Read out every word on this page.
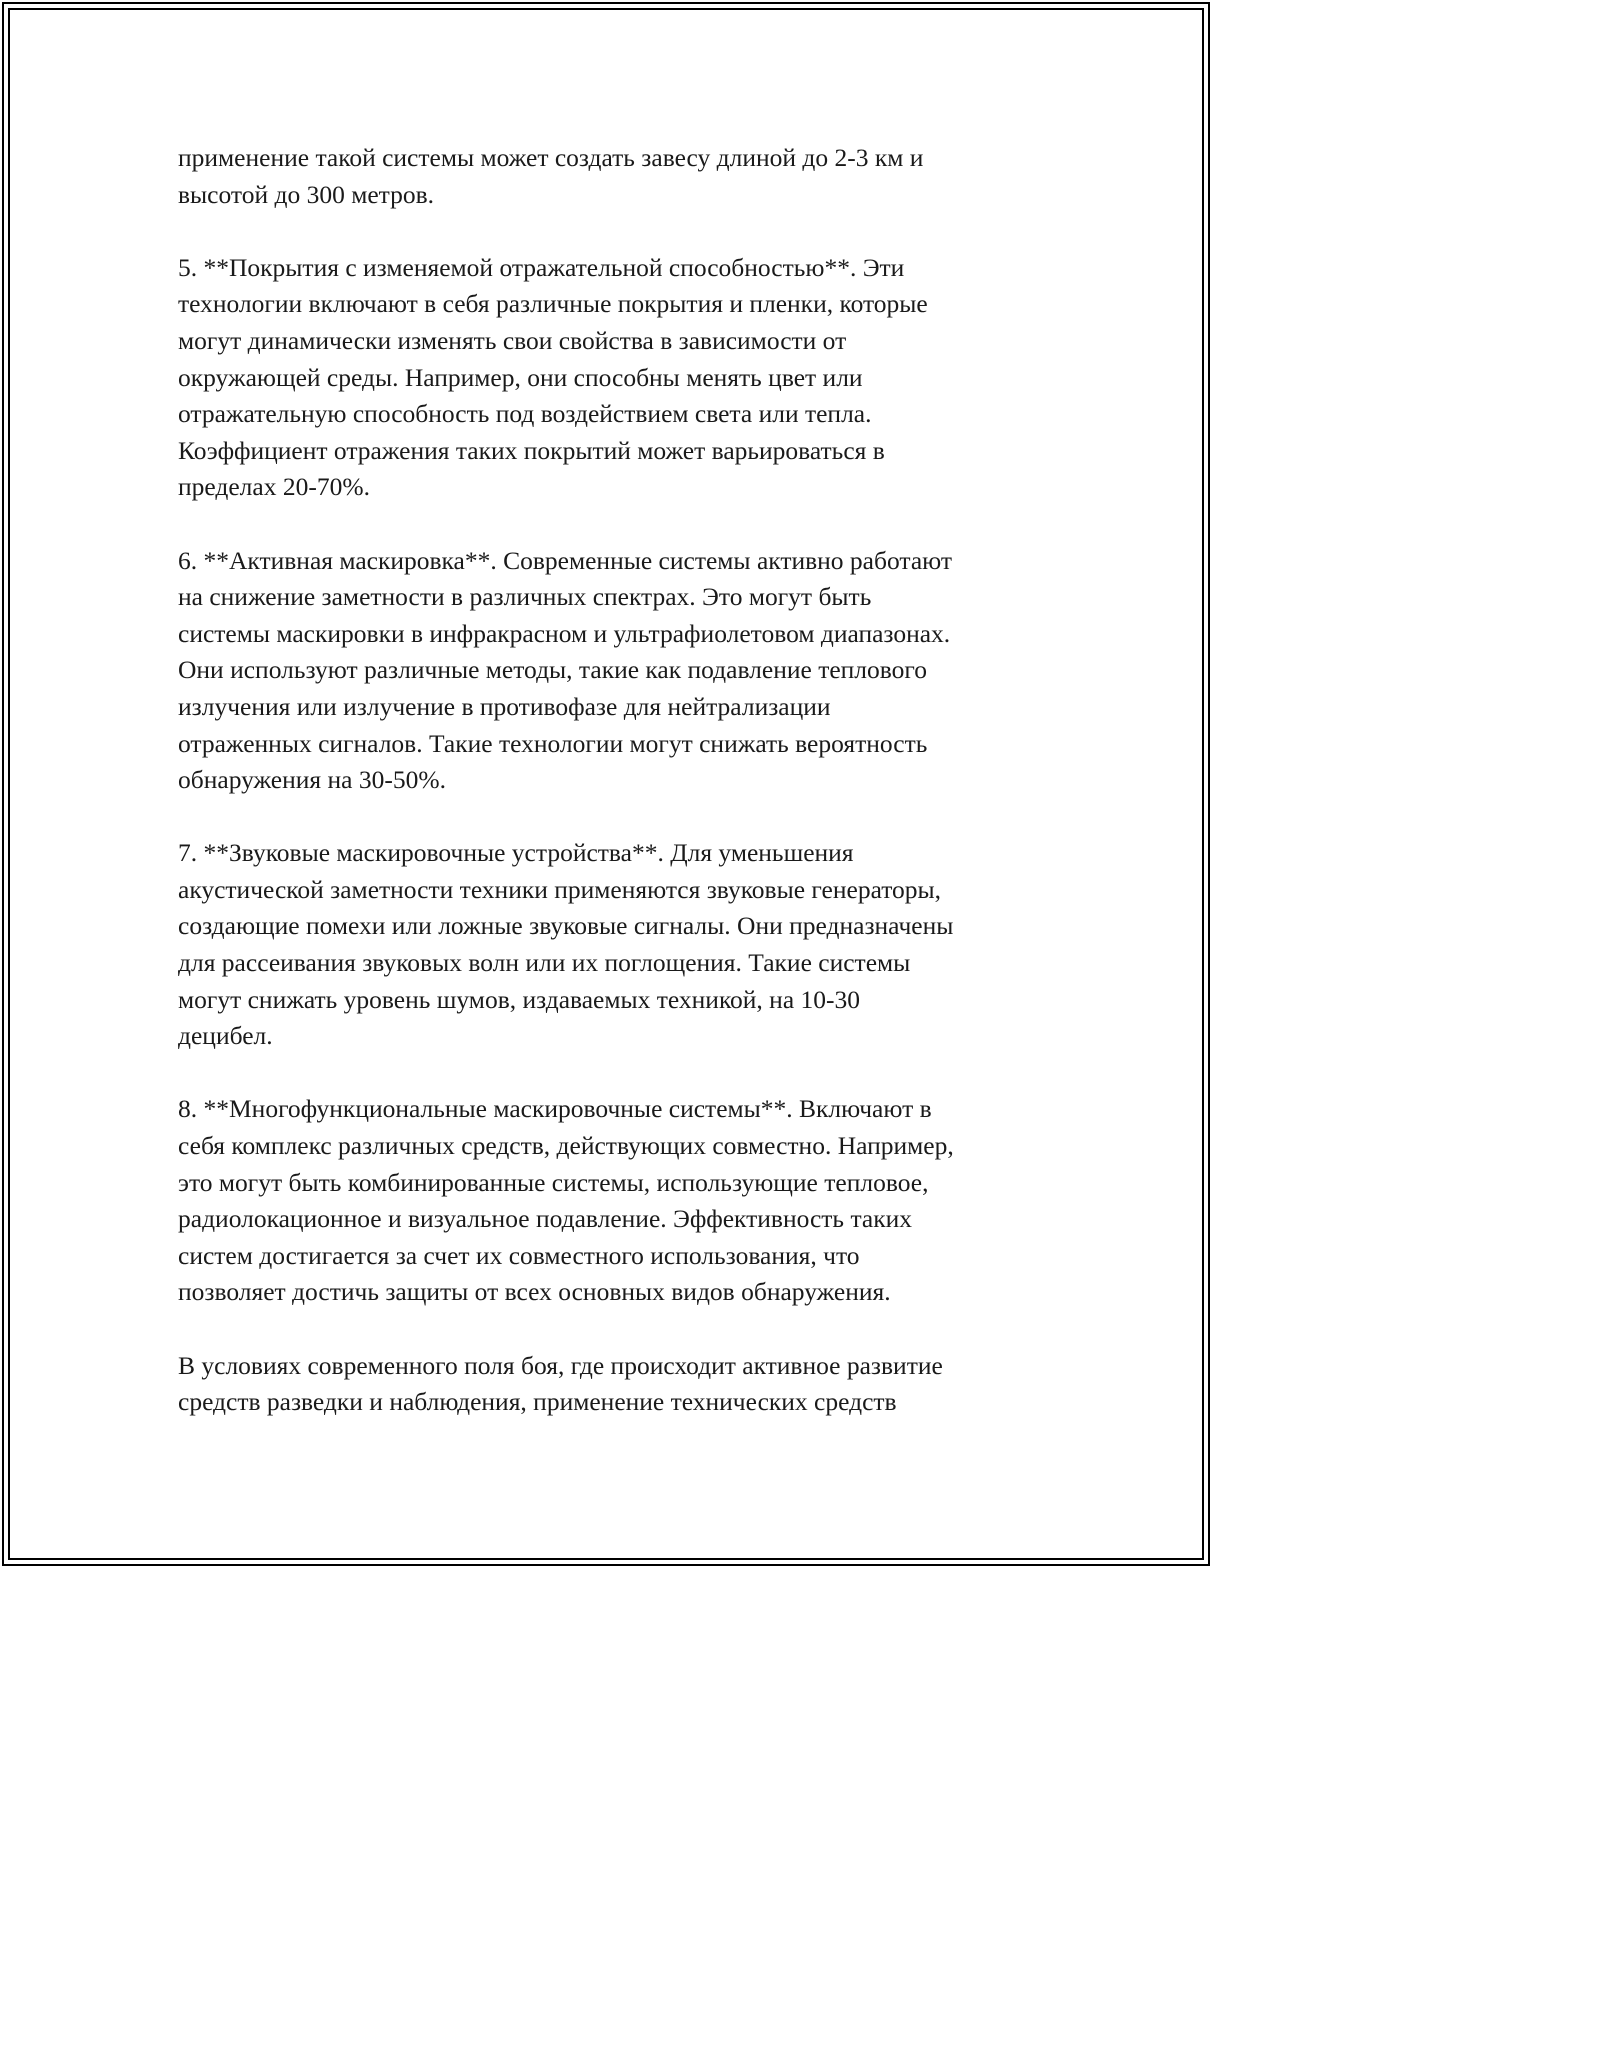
применение такой системы может создать завесу длиной до 2-3 км и
высотой до 300 метров.

5. **Покрытия с изменяемой отражательной способностью**. Эти
технологии включают в себя различные покрытия и пленки, которые
могут динамически изменять свои свойства в зависимости от
окружающей среды. Например, они способны менять цвет или
отражательную способность под воздействием света или тепла.
Коэффициент отражения таких покрытий может варьироваться в
пределах 20-70%.

6. **Активная маскировка**. Современные системы активно работают
на снижение заметности в различных спектрах. Это могут быть
системы маскировки в инфракрасном и ультрафиолетовом диапазонах.
Они используют различные методы, такие как подавление теплового
излучения или излучение в противофазе для нейтрализации
отраженных сигналов. Такие технологии могут снижать вероятность
обнаружения на 30-50%.

7. **Звуковые маскировочные устройства**. Для уменьшения
акустической заметности техники применяются звуковые генераторы,
создающие помехи или ложные звуковые сигналы. Они предназначены
для рассеивания звуковых волн или их поглощения. Такие системы
могут снижать уровень шумов, издаваемых техникой, на 10-30
децибел.

8. **Многофункциональные маскировочные системы**. Включают в
себя комплекс различных средств, действующих совместно. Например,
это могут быть комбинированные системы, использующие тепловое,
радиолокационное и визуальное подавление. Эффективность таких
систем достигается за счет их совместного использования, что
позволяет достичь защиты от всех основных видов обнаружения.

В условиях современного поля боя, где происходит активное развитие
средств разведки и наблюдения, применение технических средств
